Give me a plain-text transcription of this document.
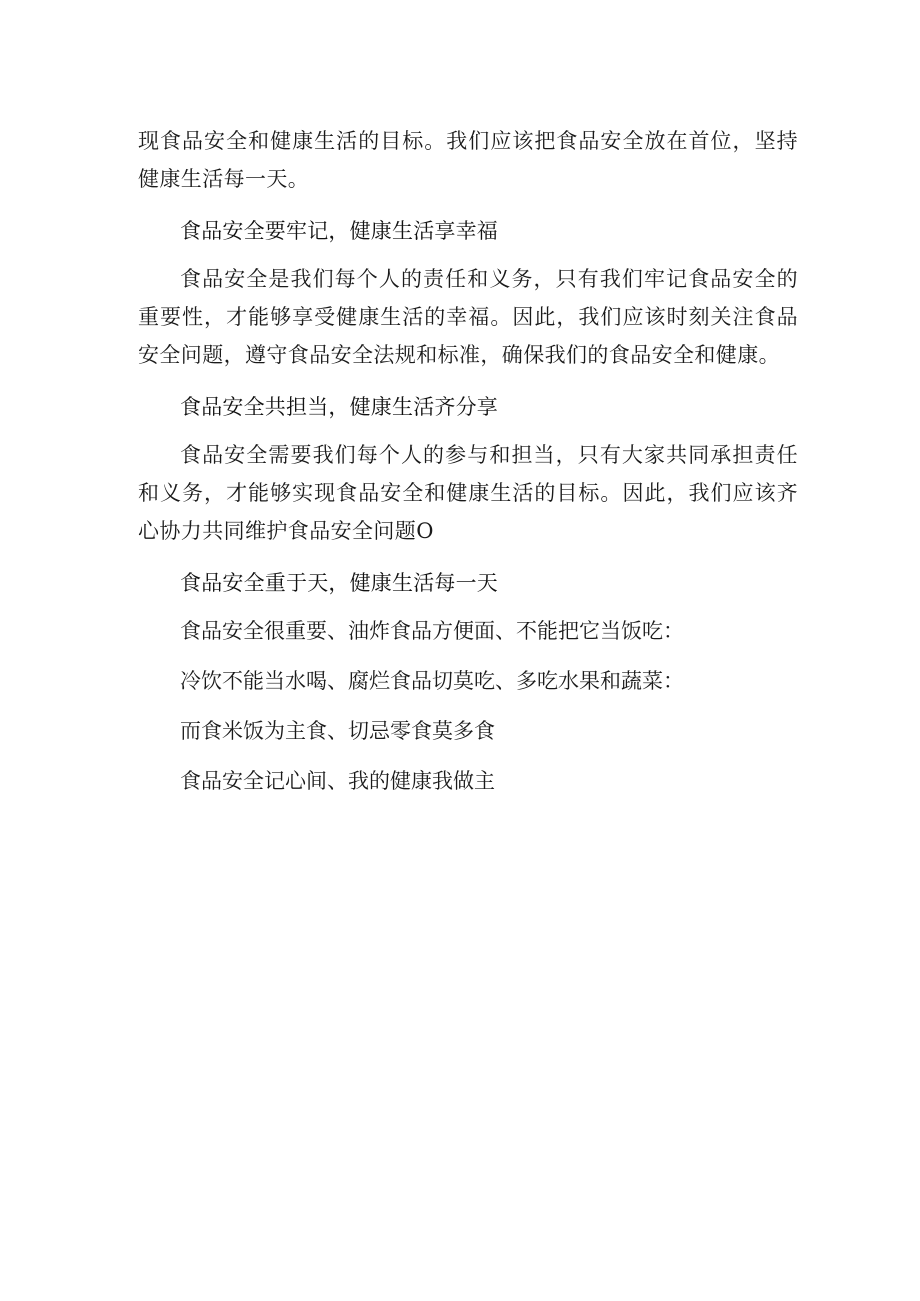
现食品安全和健康生活的目标。我们应该把食品安全放在首位，坚持健康生活每一天。

食品安全要牢记，健康生活享幸福

食品安全是我们每个人的责任和义务，只有我们牢记食品安全的重要性，才能够享受健康生活的幸福。因此，我们应该时刻关注食品安全问题，遵守食品安全法规和标准，确保我们的食品安全和健康。

食品安全共担当，健康生活齐分享

食品安全需要我们每个人的参与和担当，只有大家共同承担责任和义务，才能够实现食品安全和健康生活的目标。因此，我们应该齐心协力共同维护食品安全问题O

食品安全重于天，健康生活每一天
食品安全很重要、油炸食品方便面、不能把它当饭吃：
冷饮不能当水喝、腐烂食品切莫吃、多吃水果和蔬菜：
而食米饭为主食、切忌零食莫多食
食品安全记心间、我的健康我做主
